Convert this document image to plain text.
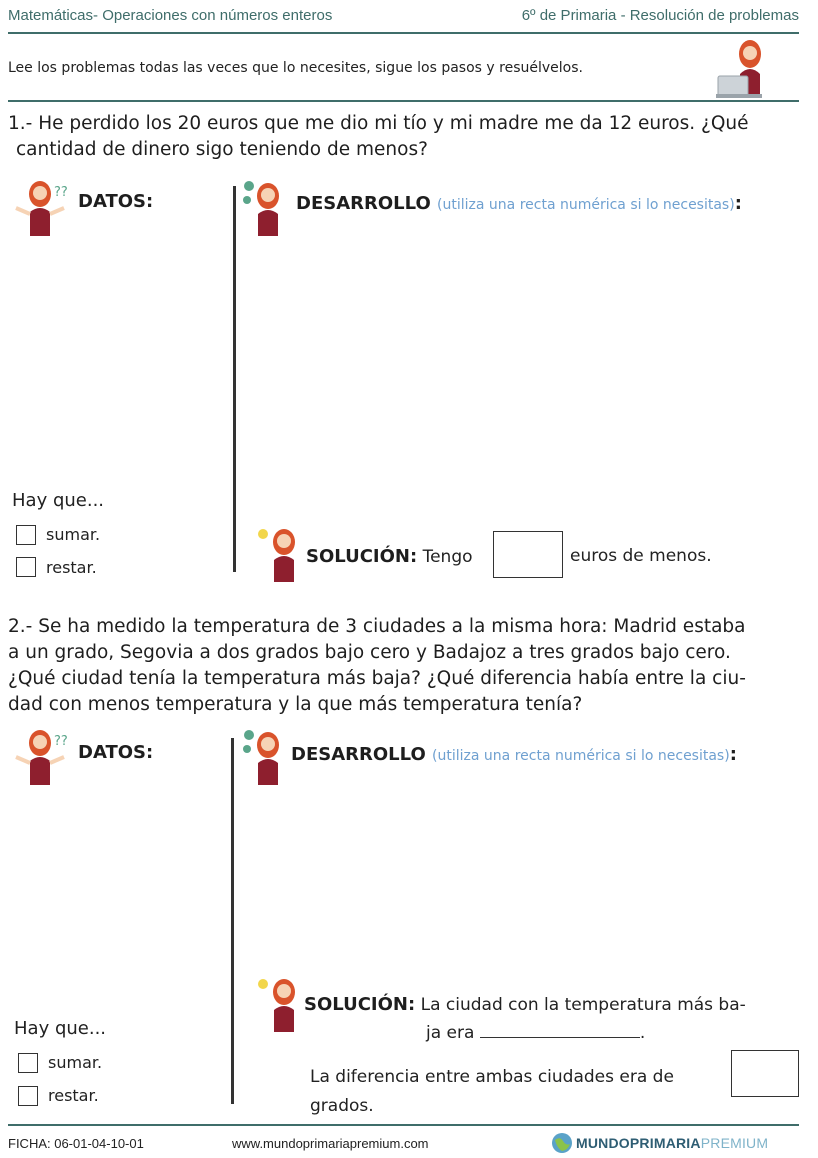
Matemáticas- Operaciones con números enteros	6º de Primaria - Resolución de problemas
Lee los problemas todas las veces que lo necesites, sigue los pasos y resuélvelos.
1.- He perdido los 20 euros que me dio mi tío y mi madre me da 12 euros. ¿Qué
cantidad de dinero sigo teniendo de menos?
?? DATOS:	DESARROLLO (utiliza una recta numérica si lo necesitas):
Hay que...
sumar.
restar.
SOLUCIÓN: Tengo	euros de menos.
2.- Se ha medido la temperatura de 3 ciudades a la misma hora: Madrid estaba
a un grado, Segovia a dos grados bajo cero y Badajoz a tres grados bajo cero.
¿Qué ciudad tenía la temperatura más baja? ¿Qué diferencia había entre la ciu-
dad con menos temperatura y la que más temperatura tenía?
??
DATOS:	DESARROLLO (utiliza una recta numérica si lo necesitas):
SOLUCIÓN: La ciudad con la temperatura más ba-
ja era	.
Hay que...
sumar.
restar.
La diferencia entre ambas ciudades era de
grados.
FICHA: 06-01-04-10-01	www.mundoprimariapremium.com	MUNDOPRIMARIAPREMIUM
